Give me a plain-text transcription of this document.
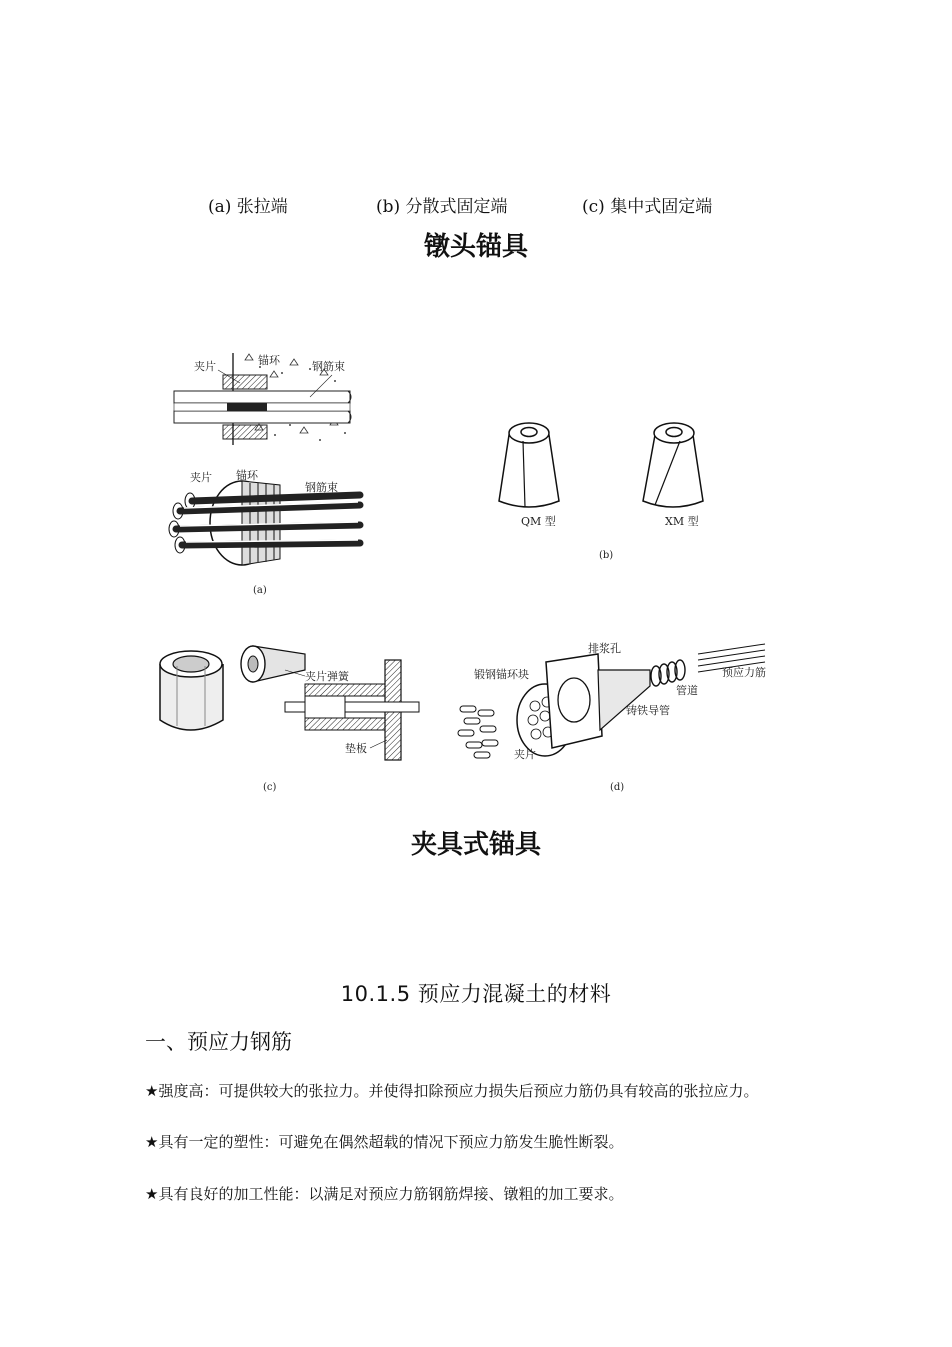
(a) 张拉端	(b) 分散式固定端	(c) 集中式固定端
镦头锚具
夹片	锚环	钢筋束
夹片 锚环
钢筋束
(a)
QM 型	XM 型
(b)
夹片弹簧
垫板
(c)
排浆孔
锻钢锚环块	预应力筋
管道
铸铁导管
夹片
(d)
夹具式锚具
10.1.5 预应力混凝土的材料
一、预应力钢筋
★强度高：可提供较大的张拉力。并使得扣除预应力损失后预应力筋仍具有较高的张拉应力。
★具有一定的塑性：可避免在偶然超载的情况下预应力筋发生脆性断裂。
★具有良好的加工性能：以满足对预应力筋钢筋焊接、镦粗的加工要求。
